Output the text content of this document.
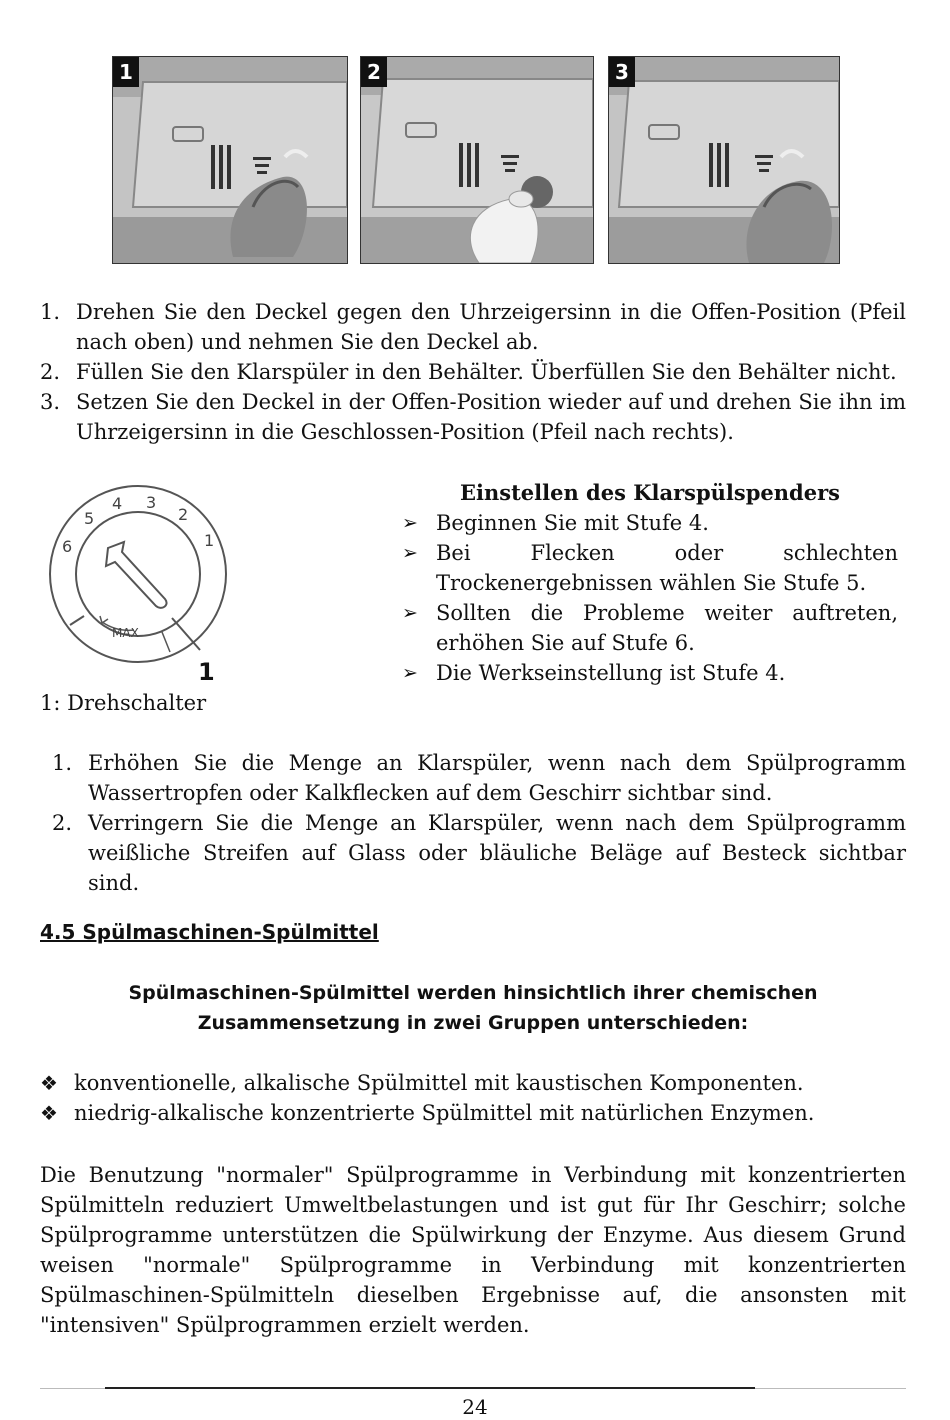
1	2	3
1. Drehen Sie den Deckel gegen den Uhrzeigersinn in die Offen-Position (Pfeil nach oben) und nehmen Sie den Deckel ab.
2. Füllen Sie den Klarspüler in den Behälter. Überfüllen Sie den Behälter nicht.
3. Setzen Sie den Deckel in der Offen-Position wieder auf und drehen Sie ihn im Uhrzeigersinn in die Geschlossen-Position (Pfeil nach rechts).
1
2
3
4
5
6
MAX
1
1: Drehschalter

Einstellen des Klarspülspenders

➢ Beginnen Sie mit Stufe 4.
➢ Bei Flecken oder schlechten Trockenergebnissen wählen Sie Stufe 5.
➢ Sollten die Probleme weiter auftreten, erhöhen Sie auf Stufe 6.
➢ Die Werkseinstellung ist Stufe 4.
1. Erhöhen Sie die Menge an Klarspüler, wenn nach dem Spülprogramm Wassertropfen oder Kalkflecken auf dem Geschirr sichtbar sind.
2. Verringern Sie die Menge an Klarspüler, wenn nach dem Spülprogramm weißliche Streifen auf Glass oder bläuliche Beläge auf Besteck sichtbar sind.
4.5 Spülmaschinen-Spülmittel

Spülmaschinen-Spülmittel werden hinsichtlich ihrer chemischen Zusammensetzung in zwei Gruppen unterschieden:

❖ konventionelle, alkalische Spülmittel mit kaustischen Komponenten.
❖ niedrig-alkalische konzentrierte Spülmittel mit natürlichen Enzymen.

Die Benutzung "normaler" Spülprogramme in Verbindung mit konzentrierten Spülmitteln reduziert Umweltbelastungen und ist gut für Ihr Geschirr; solche Spülprogramme unterstützen die Spülwirkung der Enzyme. Aus diesem Grund weisen "normale" Spülprogramme in Verbindung mit konzentrierten Spülmaschinen-Spülmitteln dieselben Ergebnisse auf, die ansonsten mit "intensiven" Spülprogrammen erzielt werden.

24
